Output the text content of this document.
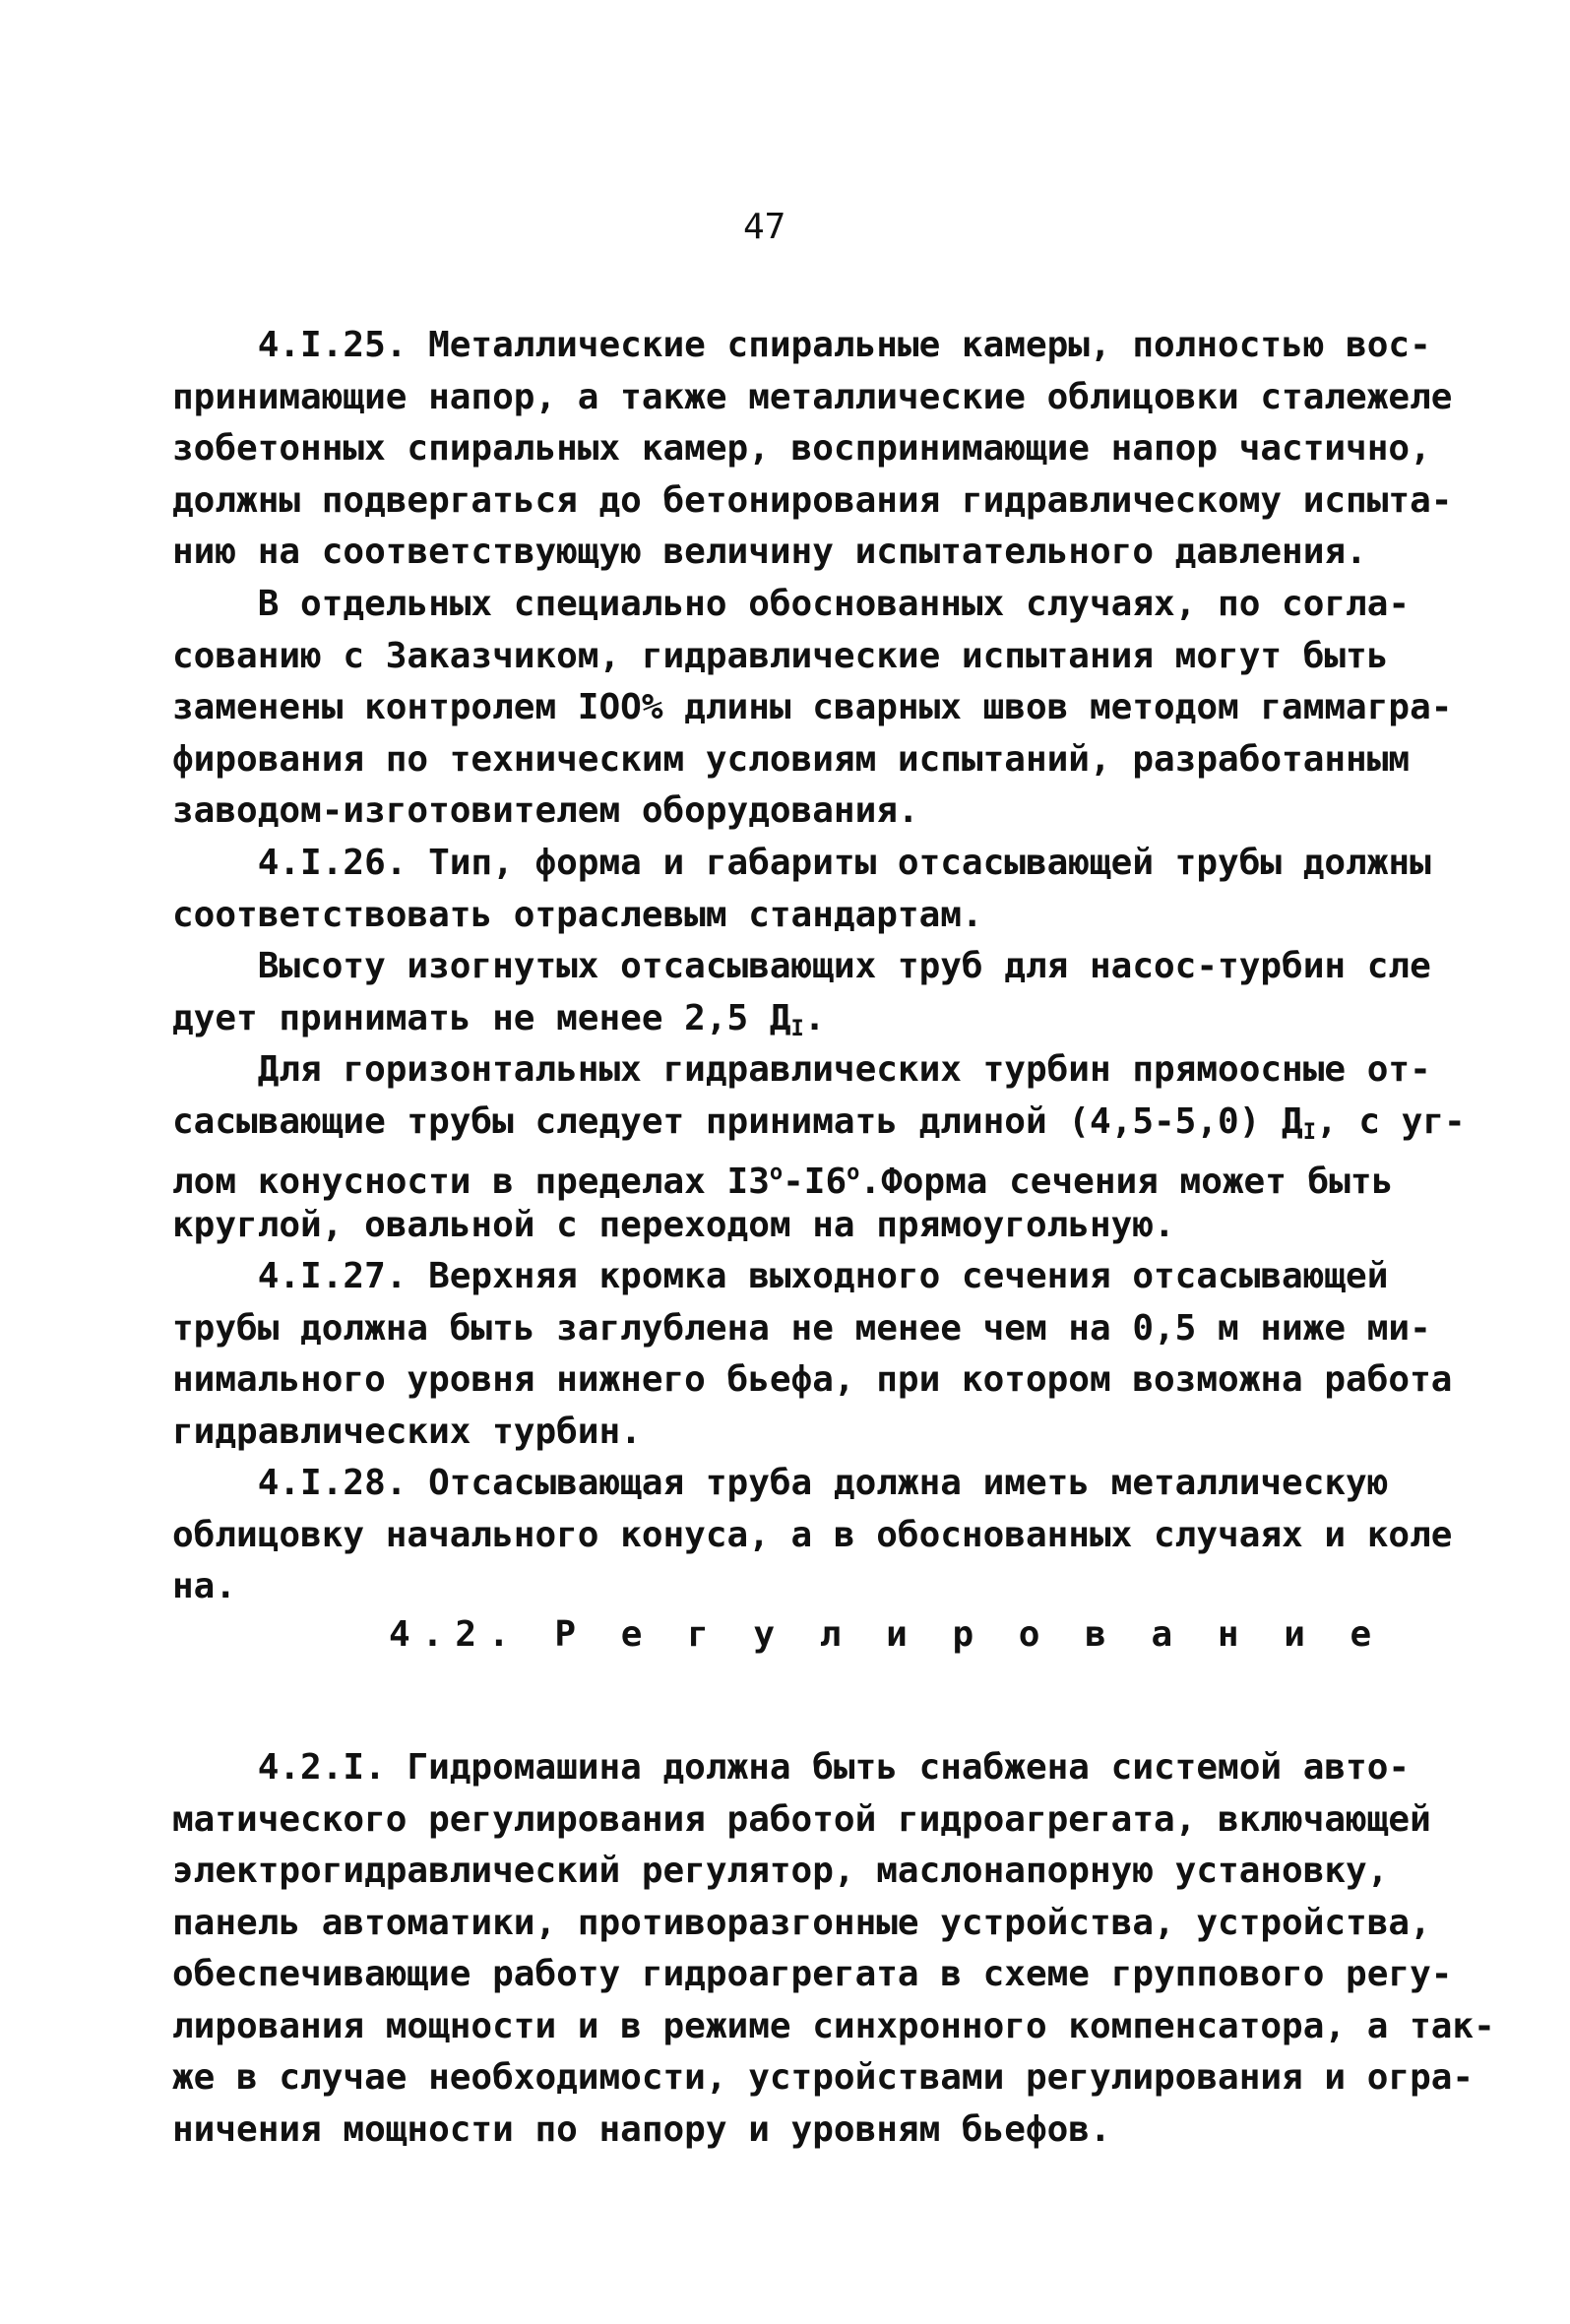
47
4.I.25. Металлические спиральные камеры, полностью вос-
принимающие напор, а также металлические облицовки сталежеле
зобетонных спиральных камер, воспринимающие напор частично,
должны подвергаться до бетонирования гидравлическому испыта-
нию на соответствующую величину испытательного давления.
В отдельных специально обоснованных случаях, по согла-
сованию с Заказчиком, гидравлические испытания могут быть
заменены контролем IOO% длины сварных швов методом гаммагра-
фирования по техническим условиям испытаний, разработанным
заводом-изготовителем оборудования.
4.I.26. Тип, форма и габариты отсасывающей трубы должны
соответствовать отраслевым стандартам.
Высоту изогнутых отсасывающих труб для насос-турбин сле
дует принимать не менее 2,5 $Д_I$.
Для горизонтальных гидравлических турбин прямоосные от-
сасывающие трубы следует принимать длиной (4,5-5,0) $Д_I$, с уг-
лом конусности в пределах $I3^о-I6^о.Форма$ сечения может быть
круглой, овальной с переходом на прямоугольную.
4.I.27. Верхняя кромка выходного сечения отсасывающей
трубы должна быть заглублена не менее чем на 0,5 м ниже ми-
нимального уровня нижнего бьефа, при котором возможна работа
гидравлических турбин.
4.I.28. Отсасывающая труба должна иметь металлическую
облицовку начального конуса, а в обоснованных случаях и коле
на.
4.2. Р е г у л и р о в а н и е
4.2.I. Гидромашина должна быть снабжена системой авто-
матического регулирования работой гидроагрегата, включающей
электрогидравлический регулятор, маслонапорную установку,
панель автоматики, противоразгонные устройства, устройства,
обеспечивающие работу гидроагрегата в схеме группового регу-
лирования мощности и в режиме синхронного компенсатора, а так-
же в случае необходимости, устройствами регулирования и огра-
ничения мощности по напору и уровням бьефов.
